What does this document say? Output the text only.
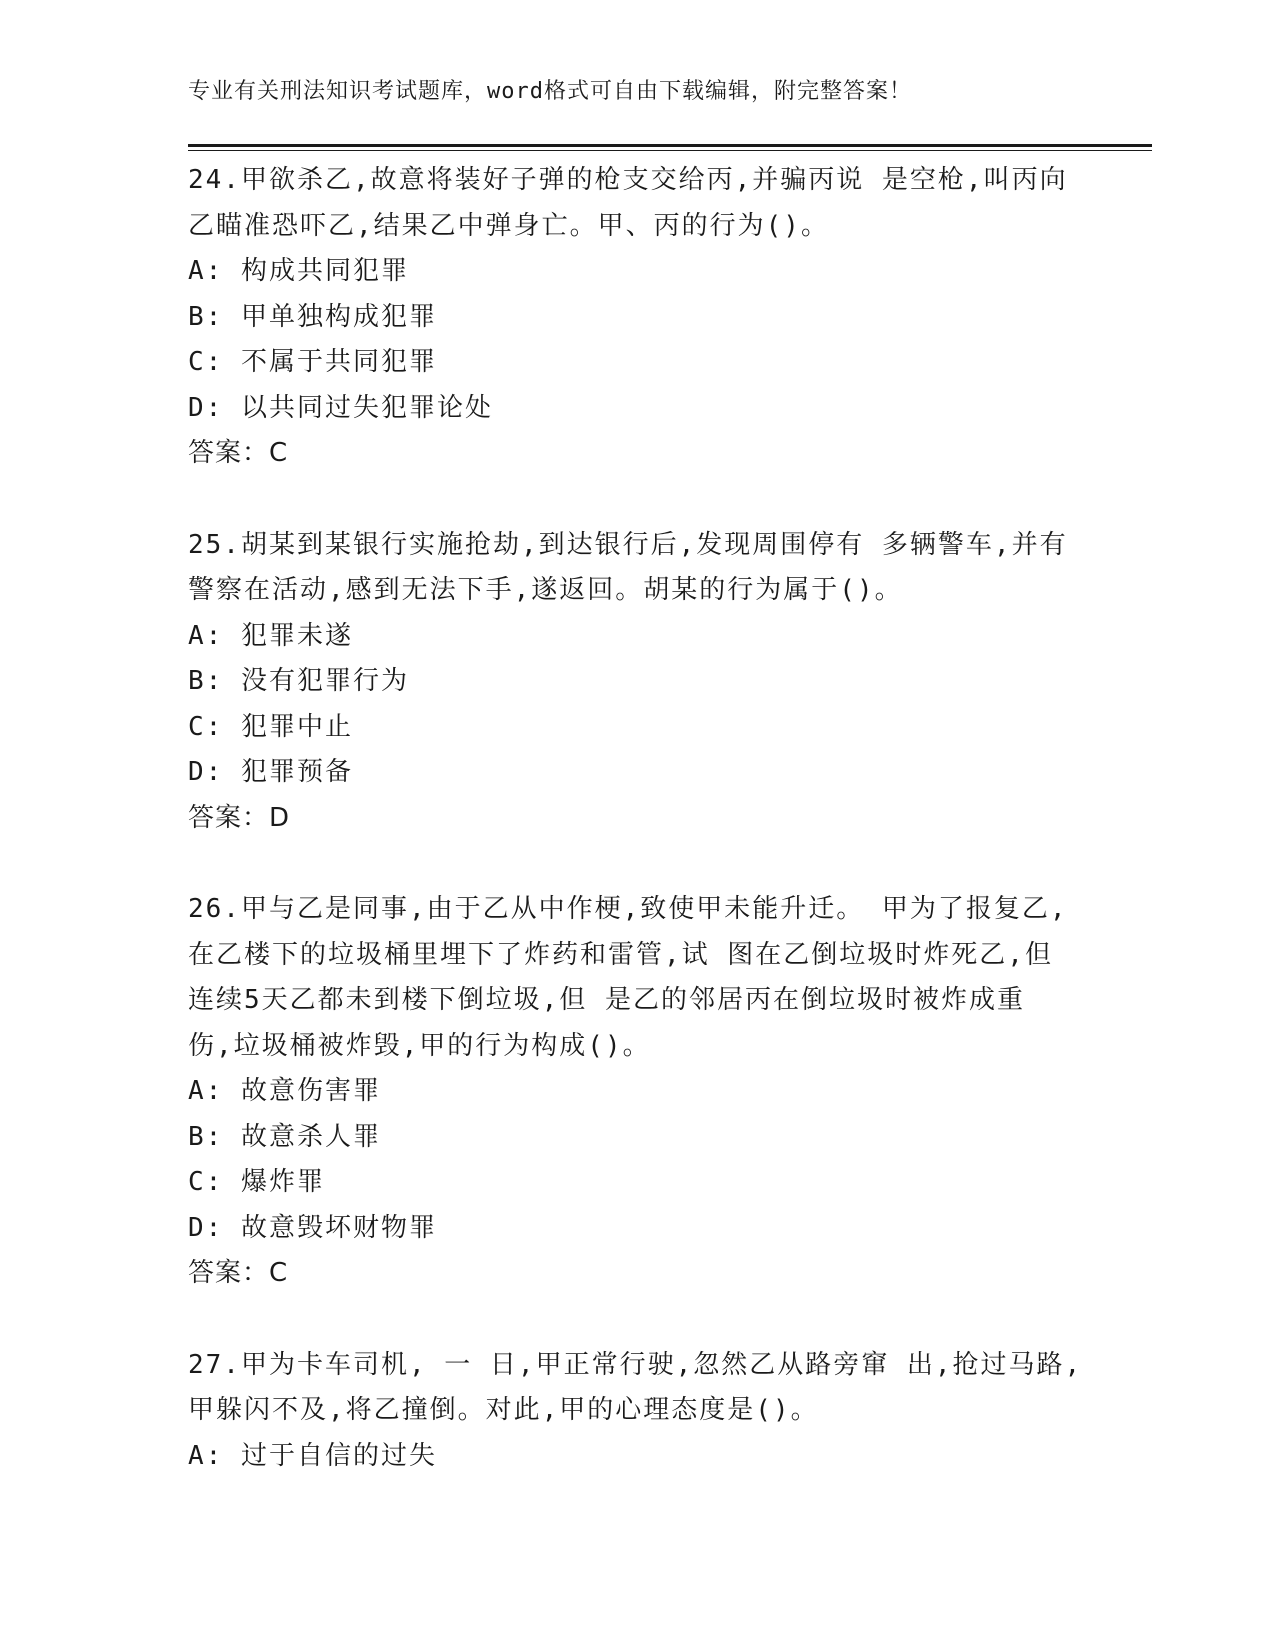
专业有关刑法知识考试题库，word格式可自由下载编辑，附完整答案！
24.甲欲杀乙,故意将装好子弹的枪支交给丙,并骗丙说 是空枪,叫丙向
乙瞄准恐吓乙,结果乙中弹身亡。甲、丙的行为()。
A: 构成共同犯罪
B: 甲单独构成犯罪
C: 不属于共同犯罪
D: 以共同过失犯罪论处
答案：C
25.胡某到某银行实施抢劫,到达银行后,发现周围停有 多辆警车,并有
警察在活动,感到无法下手,遂返回。胡某的行为属于()。
A: 犯罪未遂
B: 没有犯罪行为
C: 犯罪中止
D: 犯罪预备
答案：D
26.甲与乙是同事,由于乙从中作梗,致使甲未能升迁。 甲为了报复乙,
在乙楼下的垃圾桶里埋下了炸药和雷管,试 图在乙倒垃圾时炸死乙,但
连续5天乙都未到楼下倒垃圾,但 是乙的邻居丙在倒垃圾时被炸成重
伤,垃圾桶被炸毁,甲的行为构成()。
A: 故意伤害罪
B: 故意杀人罪
C: 爆炸罪
D: 故意毁坏财物罪
答案：C
27.甲为卡车司机, 一 日,甲正常行驶,忽然乙从路旁窜 出,抢过马路,
甲躲闪不及,将乙撞倒。对此,甲的心理态度是()。
A: 过于自信的过失
